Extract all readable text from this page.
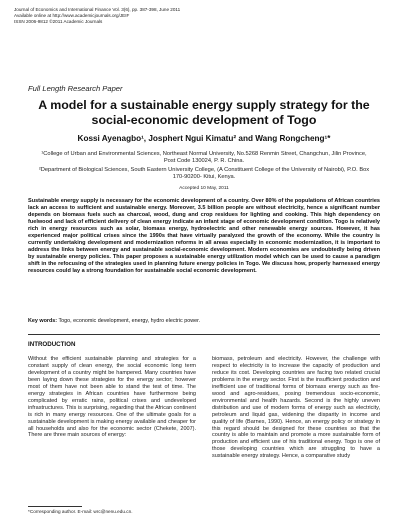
Journal of Economics and International Finance Vol. 3(6), pp. 387-398, June 2011
Available online at http://www.academicjournals.org/JEIF
ISSN 2006-9812 ©2011 Academic Journals
Full Length Research Paper
A model for a sustainable energy supply strategy for the social-economic development of Togo
Kossi Ayenagbo¹, Josphert Ngui Kimatu² and Wang Rongcheng¹*
¹College of Urban and Environmental Sciences, Northeast Normal University, No.5268 Renmin Street, Changchun, Jilin Province, Post Code 130024, P. R. China.
²Department of Biological Sciences, South Eastern University College, (A Constituent College of the University of Nairobi), P.O. Box 170-90200- Kitui, Kenya.
Accepted 10 May, 2011
Sustainable energy supply is necessary for the economic development of a country. Over 80% of the populations of African countries lack an access to sufficient and sustainable energy. Moreover, 3.5 billion people are without electricity, hence a significant number depends on biomass fuels such as charcoal, wood, dung and crop residues for lighting and cooking. This high dependency on fuelwood and lack of efficient delivery of clean energy indicate an infant stage of economic development condition. Togo is relatively rich in energy resources such as solar, biomass energy, hydroelectric and other renewable energy sources. However, it has experienced major political crises since the 1990s that have virtually paralyzed the growth of the economy. While the country is currently undertaking development and modernization reforms in all areas especially in economic modernization, it is important to address the links between energy and sustainable social-economic development. Modern economies are undoubtedly being driven by sustainable energy policies. This paper proposes a sustainable energy utilization model which can be used to cause a paradigm shift in the refocusing of the strategies used in planning future energy policies in Togo. We discuss how, properly harnessed energy resources could lay a strong foundation for sustainable social economic development.
Key words: Togo, economic development, energy, hydro electric power.
INTRODUCTION
Without the efficient sustainable planning and strategies for a constant supply of clean energy, the social economic long term development of a country might be hampered. Many countries have been laying down these strategies for the energy sector; however most of them have not been able to stand the test of time. The energy strategies in African countries have furthermore being complicated by erratic rains, political crises and undeveloped infrastructures. This is surprising, regarding that the African continent is rich in many energy resources. One of the ultimate goals for a sustainable development is making energy available and cheaper for all households and also for the economic sector (Chekete, 2007). There are three main sources of energy:
biomass, petroleum and electricity. However, the challenge with respect to electricity is to increase the capacity of production and reduce its cost. Developing countries are facing two related crucial problems in the energy sector. First is the insufficient production and inefficient use of traditional forms of biomass energy such as fire-wood and agro-residues, posing tremendous socio-economic, environmental and health hazards. Second is the highly uneven distribution and use of modern forms of energy such as electricity, petroleum and liquid gas, widening the disparity in income and quality of life (Barnes, 1990). Hence, an energy policy or strategy in this regard should be designed for these countries so that the country is able to maintain and promote a more sustainable form of production and efficient use of his traditional energy. Togo is one of those developing countries which are struggling to have a sustainable energy strategy. Hence, a comparative study
*Corresponding author. E-mail: wrc@nenu.edu.cn.
